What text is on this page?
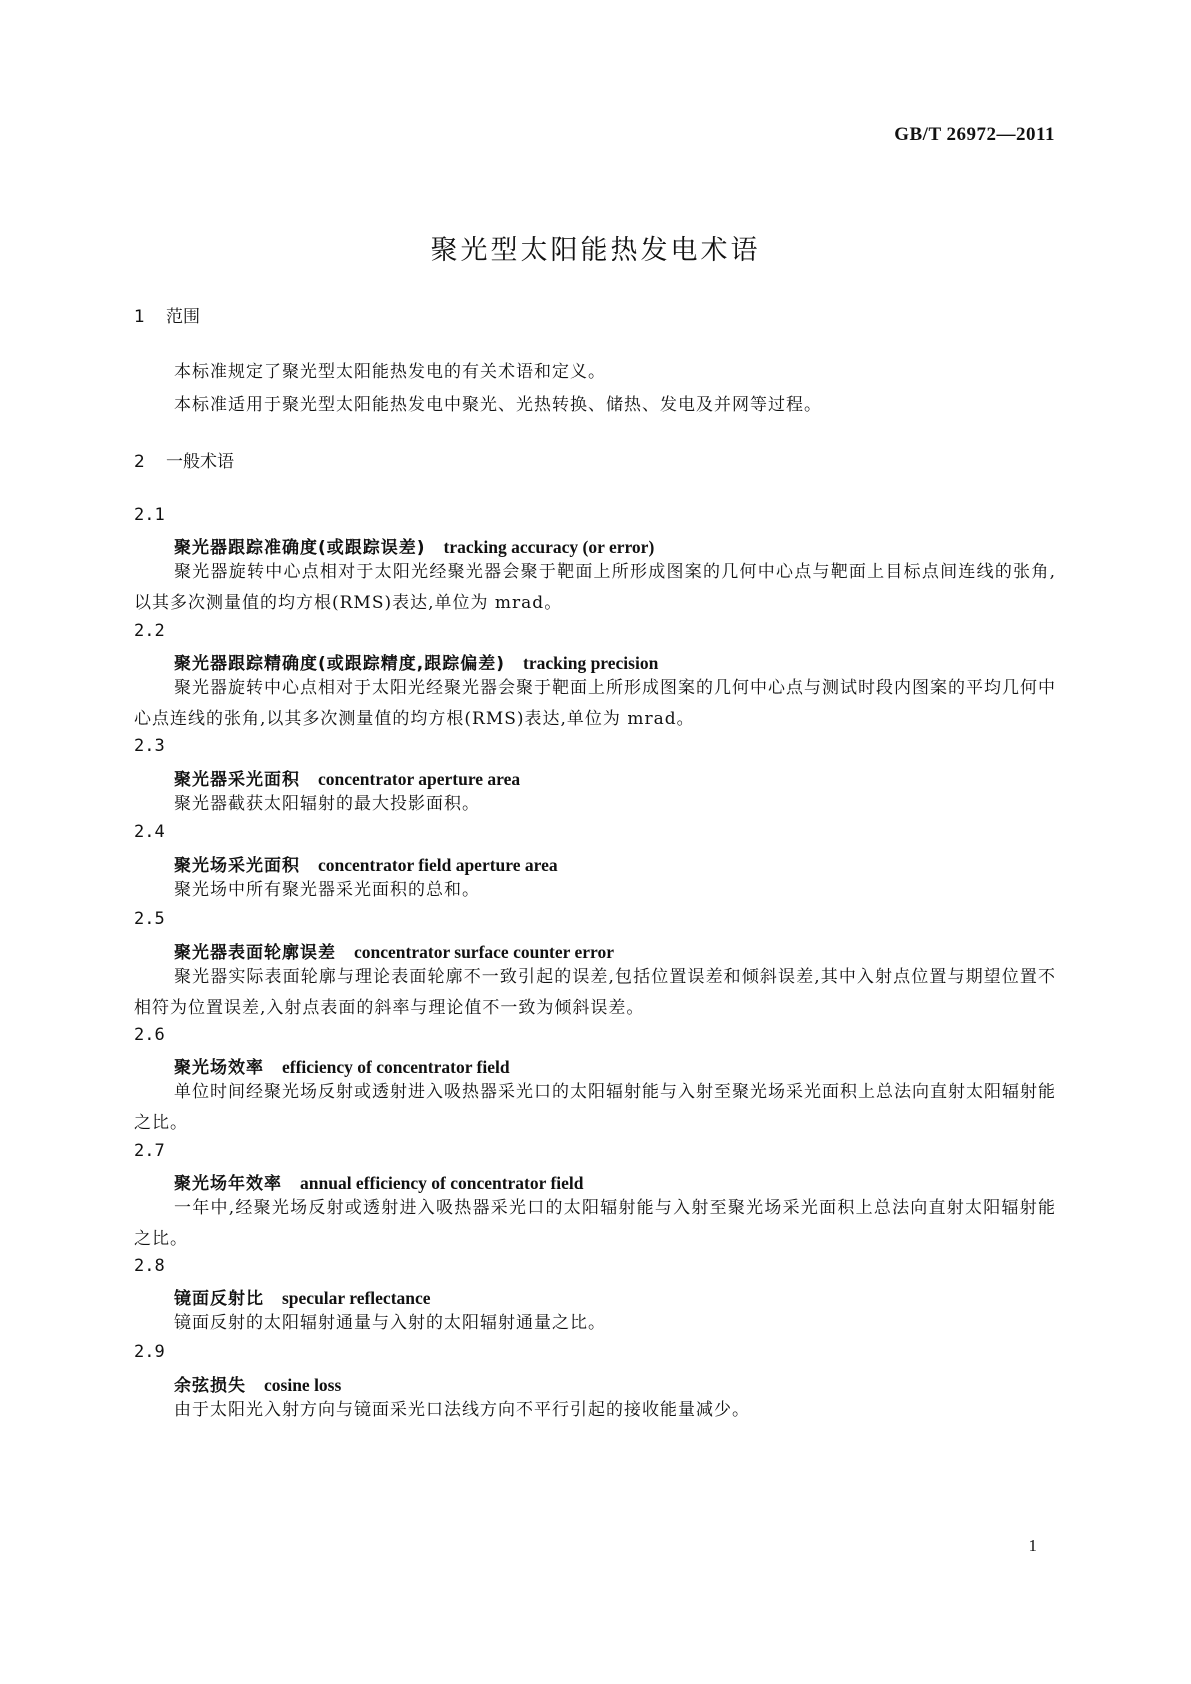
GB/T 26972—2011
聚光型太阳能热发电术语
1 范围
本标准规定了聚光型太阳能热发电的有关术语和定义。
本标准适用于聚光型太阳能热发电中聚光、光热转换、储热、发电及并网等过程。
2 一般术语
2.1
聚光器跟踪准确度(或跟踪误差) tracking accuracy (or error)
聚光器旋转中心点相对于太阳光经聚光器会聚于靶面上所形成图案的几何中心点与靶面上目标点间连线的张角,以其多次测量值的均方根(RMS)表达,单位为 mrad。
2.2
聚光器跟踪精确度(或跟踪精度,跟踪偏差) tracking precision
聚光器旋转中心点相对于太阳光经聚光器会聚于靶面上所形成图案的几何中心点与测试时段内图案的平均几何中心点连线的张角,以其多次测量值的均方根(RMS)表达,单位为 mrad。
2.3
聚光器采光面积 concentrator aperture area
聚光器截获太阳辐射的最大投影面积。
2.4
聚光场采光面积 concentrator field aperture area
聚光场中所有聚光器采光面积的总和。
2.5
聚光器表面轮廓误差 concentrator surface counter error
聚光器实际表面轮廓与理论表面轮廓不一致引起的误差,包括位置误差和倾斜误差,其中入射点位置与期望位置不相符为位置误差,入射点表面的斜率与理论值不一致为倾斜误差。
2.6
聚光场效率 efficiency of concentrator field
单位时间经聚光场反射或透射进入吸热器采光口的太阳辐射能与入射至聚光场采光面积上总法向直射太阳辐射能之比。
2.7
聚光场年效率 annual efficiency of concentrator field
一年中,经聚光场反射或透射进入吸热器采光口的太阳辐射能与入射至聚光场采光面积上总法向直射太阳辐射能之比。
2.8
镜面反射比 specular reflectance
镜面反射的太阳辐射通量与入射的太阳辐射通量之比。
2.9
余弦损失 cosine loss
由于太阳光入射方向与镜面采光口法线方向不平行引起的接收能量减少。
1
